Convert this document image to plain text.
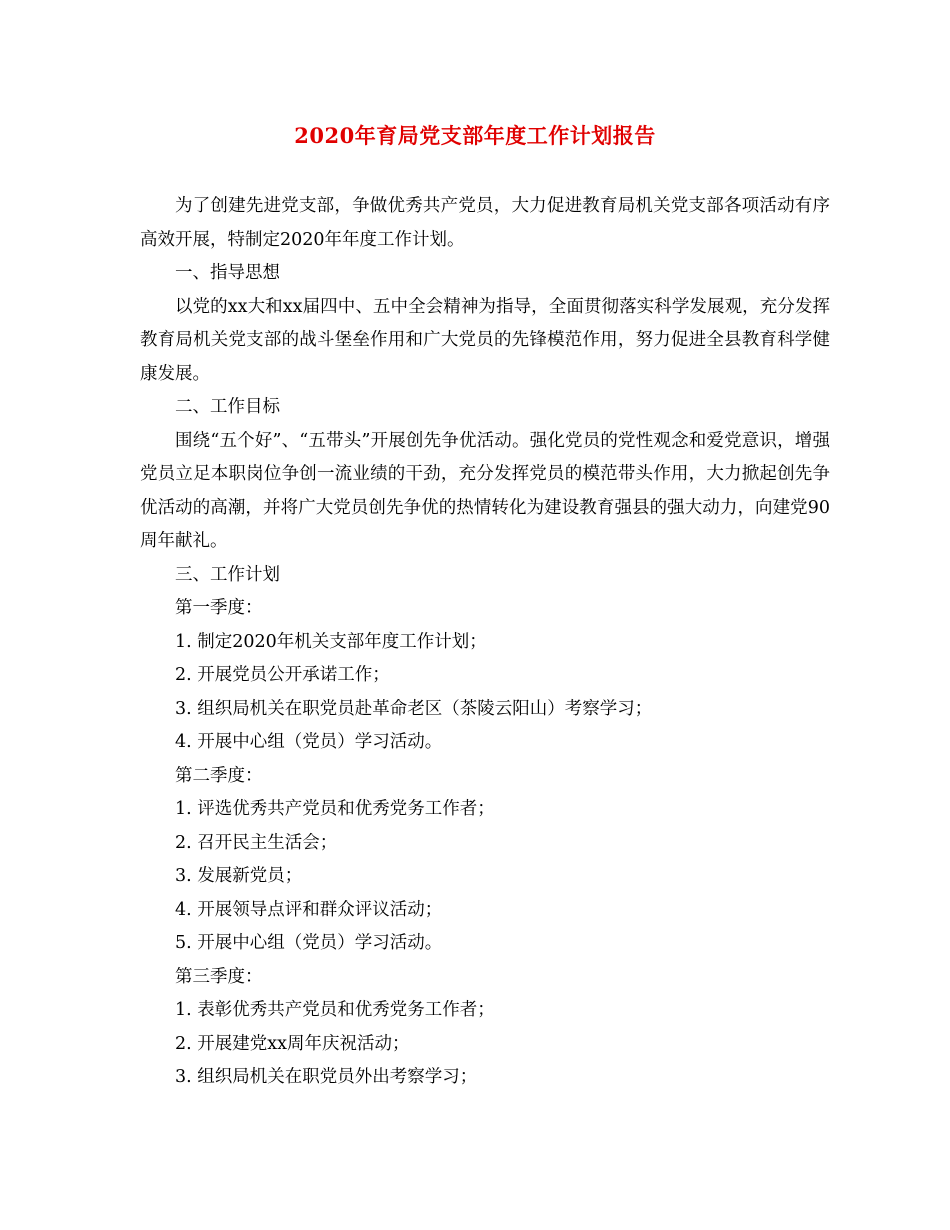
2020年育局党支部年度工作计划报告

为了创建先进党支部，争做优秀共产党员，大力促进教育局机关党支部各项活动有序高效开展，特制定2020年年度工作计划。

一、指导思想

以党的xx大和xx届四中、五中全会精神为指导，全面贯彻落实科学发展观，充分发挥教育局机关党支部的战斗堡垒作用和广大党员的先锋模范作用，努力促进全县教育科学健康发展。

二、工作目标

围绕“五个好”、“五带头”开展创先争优活动。强化党员的党性观念和爱党意识，增强党员立足本职岗位争创一流业绩的干劲，充分发挥党员的模范带头作用，大力掀起创先争优活动的高潮，并将广大党员创先争优的热情转化为建设教育强县的强大动力，向建党90周年献礼。

三、工作计划

第一季度：

1. 制定2020年机关支部年度工作计划；

2. 开展党员公开承诺工作；

3. 组织局机关在职党员赴革命老区（茶陵云阳山）考察学习；

4. 开展中心组（党员）学习活动。

第二季度：

1. 评选优秀共产党员和优秀党务工作者；

2. 召开民主生活会；

3. 发展新党员；

4. 开展领导点评和群众评议活动；

5. 开展中心组（党员）学习活动。

第三季度：

1. 表彰优秀共产党员和优秀党务工作者；

2. 开展建党xx周年庆祝活动；

3. 组织局机关在职党员外出考察学习；
